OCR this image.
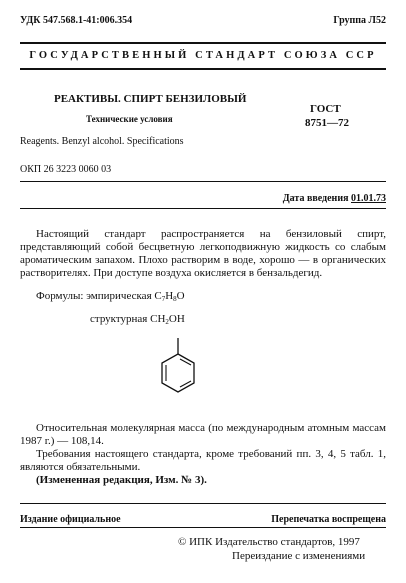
УДК 547.568.1-41:006.354	Группа Л52
ГОСУДАРСТВЕННЫЙ СТАНДАРТ СОЮЗА ССР
РЕАКТИВЫ. СПИРТ БЕНЗИЛОВЫЙ
Технические условия
Reagents. Benzyl alcohol. Specifications
ГОСТ
8751—72
ОКП 26 3223 0060 03
Дата введения 01.01.73
Настоящий стандарт распространяется на бензиловый спирт, представляющий собой бесцветную легкоподвижную жидкость со слабым ароматическим запахом. Плохо растворим в воде, хорошо — в органических растворителях. При доступе воздуха окисляется в бензальдегид.
Формулы: эмпирическая $C_7H_8O$
структурная $CH_2OH$
Относительная молекулярная масса (по международным атомным массам 1987 г.) — 108,14.
Требования настоящего стандарта, кроме требований пп. 3, 4, 5 табл. 1, являются обязательными.
(Измененная редакция, Изм. № 3).
Издание официальное	Перепечатка воспрещена
© ИПК Издательство стандартов, 1997
Переиздание с изменениями
